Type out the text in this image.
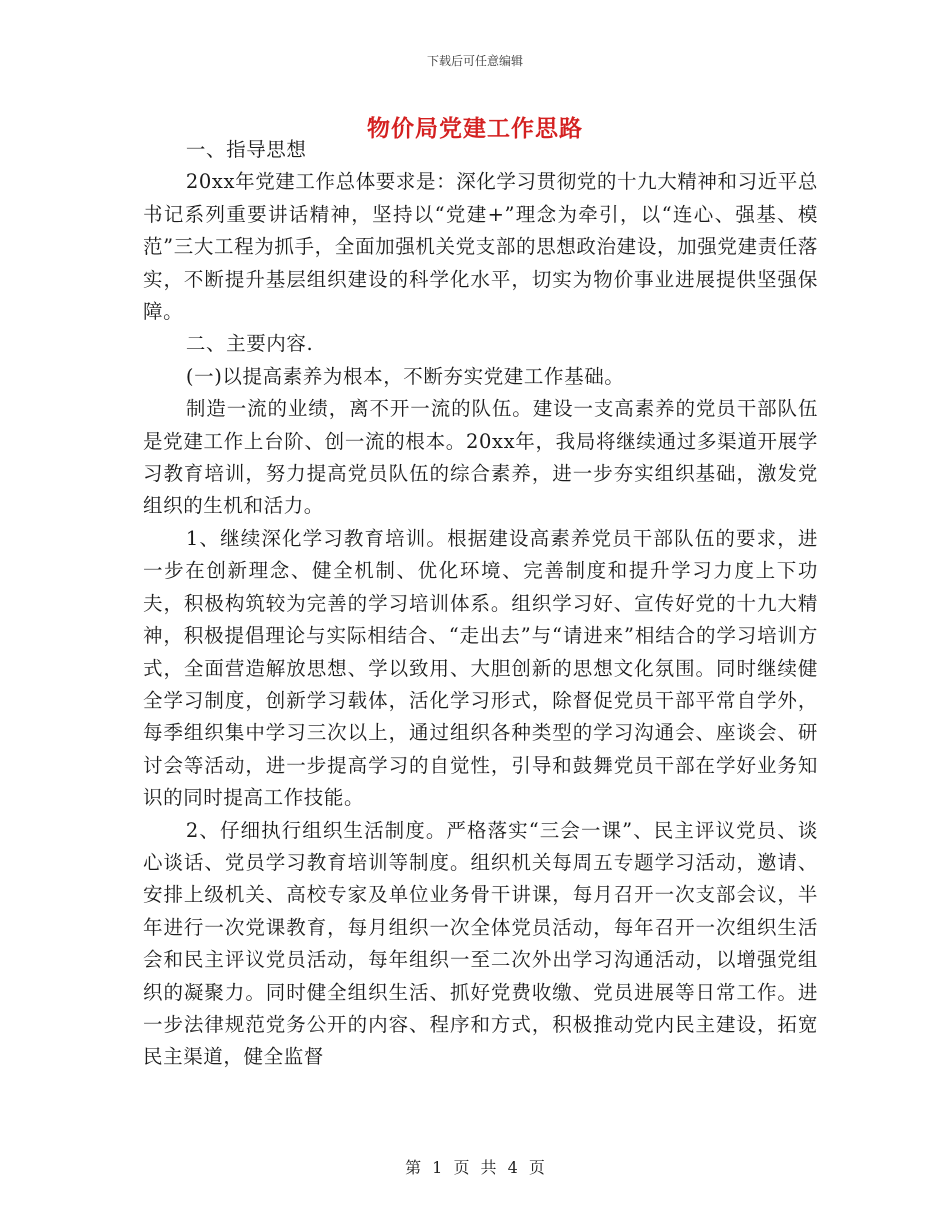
下载后可任意编辑
物价局党建工作思路

一、指导思想

20xx年党建工作总体要求是：深化学习贯彻党的十九大精神和习近平总书记系列重要讲话精神，坚持以“党建+”理念为牵引，以“连心、强基、模范”三大工程为抓手，全面加强机关党支部的思想政治建设，加强党建责任落实，不断提升基层组织建设的科学化水平，切实为物价事业进展提供坚强保障。

二、主要内容.

(一)以提高素养为根本，不断夯实党建工作基础。

制造一流的业绩，离不开一流的队伍。建设一支高素养的党员干部队伍是党建工作上台阶、创一流的根本。20xx年，我局将继续通过多渠道开展学习教育培训，努力提高党员队伍的综合素养，进一步夯实组织基础，激发党组织的生机和活力。

1、继续深化学习教育培训。根据建设高素养党员干部队伍的要求，进一步在创新理念、健全机制、优化环境、完善制度和提升学习力度上下功夫，积极构筑较为完善的学习培训体系。组织学习好、宣传好党的十九大精神，积极提倡理论与实际相结合、“走出去”与“请进来”相结合的学习培训方式，全面营造解放思想、学以致用、大胆创新的思想文化氛围。同时继续健全学习制度，创新学习载体，活化学习形式，除督促党员干部平常自学外，每季组织集中学习三次以上，通过组织各种类型的学习沟通会、座谈会、研讨会等活动，进一步提高学习的自觉性，引导和鼓舞党员干部在学好业务知识的同时提高工作技能。

2、仔细执行组织生活制度。严格落实“三会一课”、民主评议党员、谈心谈话、党员学习教育培训等制度。组织机关每周五专题学习活动，邀请、安排上级机关、高校专家及单位业务骨干讲课，每月召开一次支部会议，半年进行一次党课教育，每月组织一次全体党员活动，每年召开一次组织生活会和民主评议党员活动，每年组织一至二次外出学习沟通活动，以增强党组织的凝聚力。同时健全组织生活、抓好党费收缴、党员进展等日常工作。进一步法律规范党务公开的内容、程序和方式，积极推动党内民主建设，拓宽民主渠道，健全监督

第 1 页 共 4 页
